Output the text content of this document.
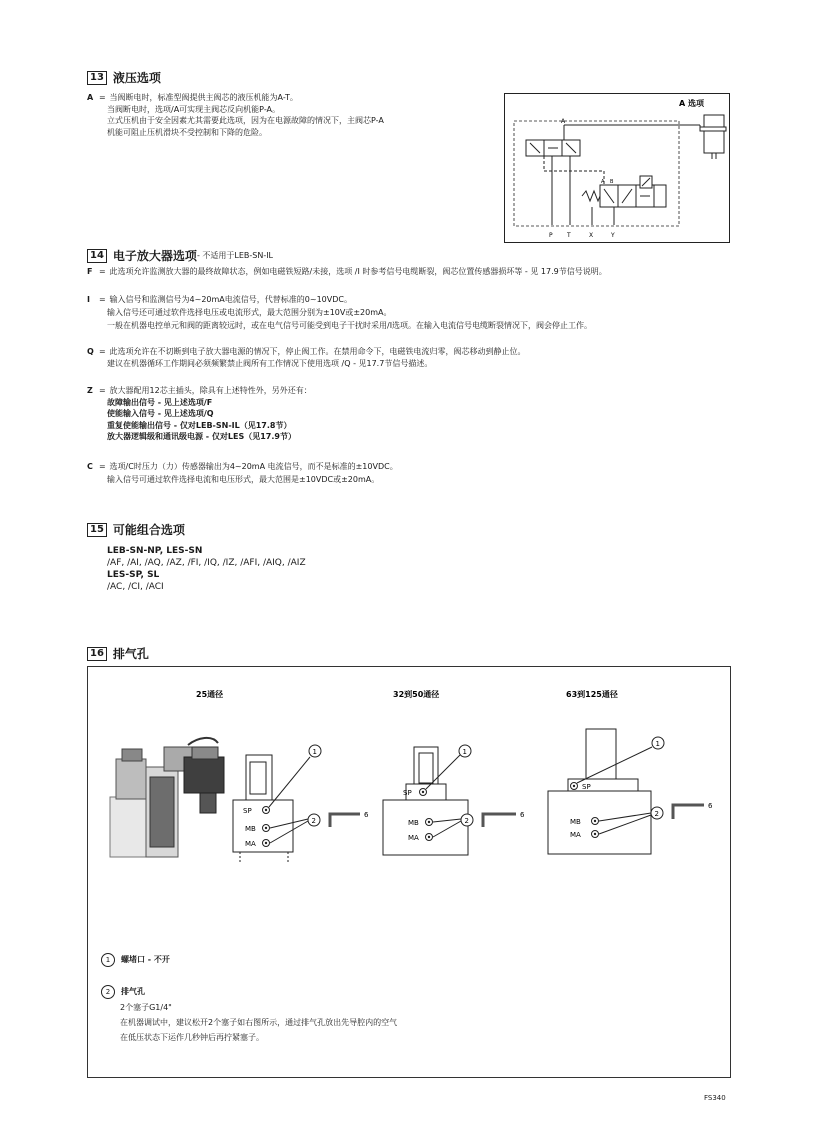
13 液压选项
A = 当阀断电时，标准型阀提供主阀芯的液压机能为A-T。
当阀断电时，选项/A可实现主阀芯反向机能P-A。
立式压机由于安全因素尤其需要此选项，因为在电源故障的情况下，主阀芯P-A
机能可阻止压机滑块不受控制和下降的危险。
A 选项
A
A B
P T	X	Y
14 电子放大器选项 - 不适用于LEB-SN-IL
F = 此选项允许监测放大器的最终故障状态，例如电磁铁短路/未接，选项 /I 时参考信号电缆断裂，阀芯位置传感器损坏等 - 见 17.9节信号说明。
I = 输入信号和监测信号为4~20mA电流信号，代替标准的0~10VDC。
输入信号还可通过软件选择电压或电流形式，最大范围分别为±10V或±20mA。
一般在机器电控单元和阀的距离较远时，或在电气信号可能受到电子干扰时采用/I选项。在输入电流信号电缆断裂情况下，阀会停止工作。
Q = 此选项允许在不切断到电子放大器电源的情况下，停止阀工作。在禁用命令下，电磁铁电流归零，阀芯移动到静止位。
建议在机器循环工作期间必须频繁禁止阀所有工作情况下使用选项 /Q - 见17.7节信号描述。
Z = 放大器配用12芯主插头，除具有上述特性外，另外还有：
故障输出信号 - 见上述选项/F
使能输入信号 - 见上述选项/Q
重复使能输出信号 - 仅对LEB-SN-IL（见17.8节）
放大器逻辑级和通讯级电源 - 仅对LES（见17.9节）
C = 选项/C时压力（力）传感器输出为4~20mA 电流信号，而不是标准的±10VDC。
输入信号可通过软件选择电流和电压形式，最大范围是±10VDC或±20mA。
15 可能组合选项
LEB-SN-NP, LES-SN
/AF, /AI, /AQ, /AZ, /FI, /IQ, /IZ, /AFI, /AIQ, /AIZ
LES-SP, SL
/AC, /CI, /ACI
16 排气孔
25通径	32到50通径	63到125通径
SP
MB
MA
1
2
6
SP
MB
MA
1
2
6
SP
MB
MA
1
2
6
1	螺堵口 - 不开
2	排气孔
2个塞子G1/4"
在机器调试中，建议松开2个塞子如右图所示，通过排气孔放出先导腔内的空气
在低压状态下运作几秒钟后再拧紧塞子。
FS340
